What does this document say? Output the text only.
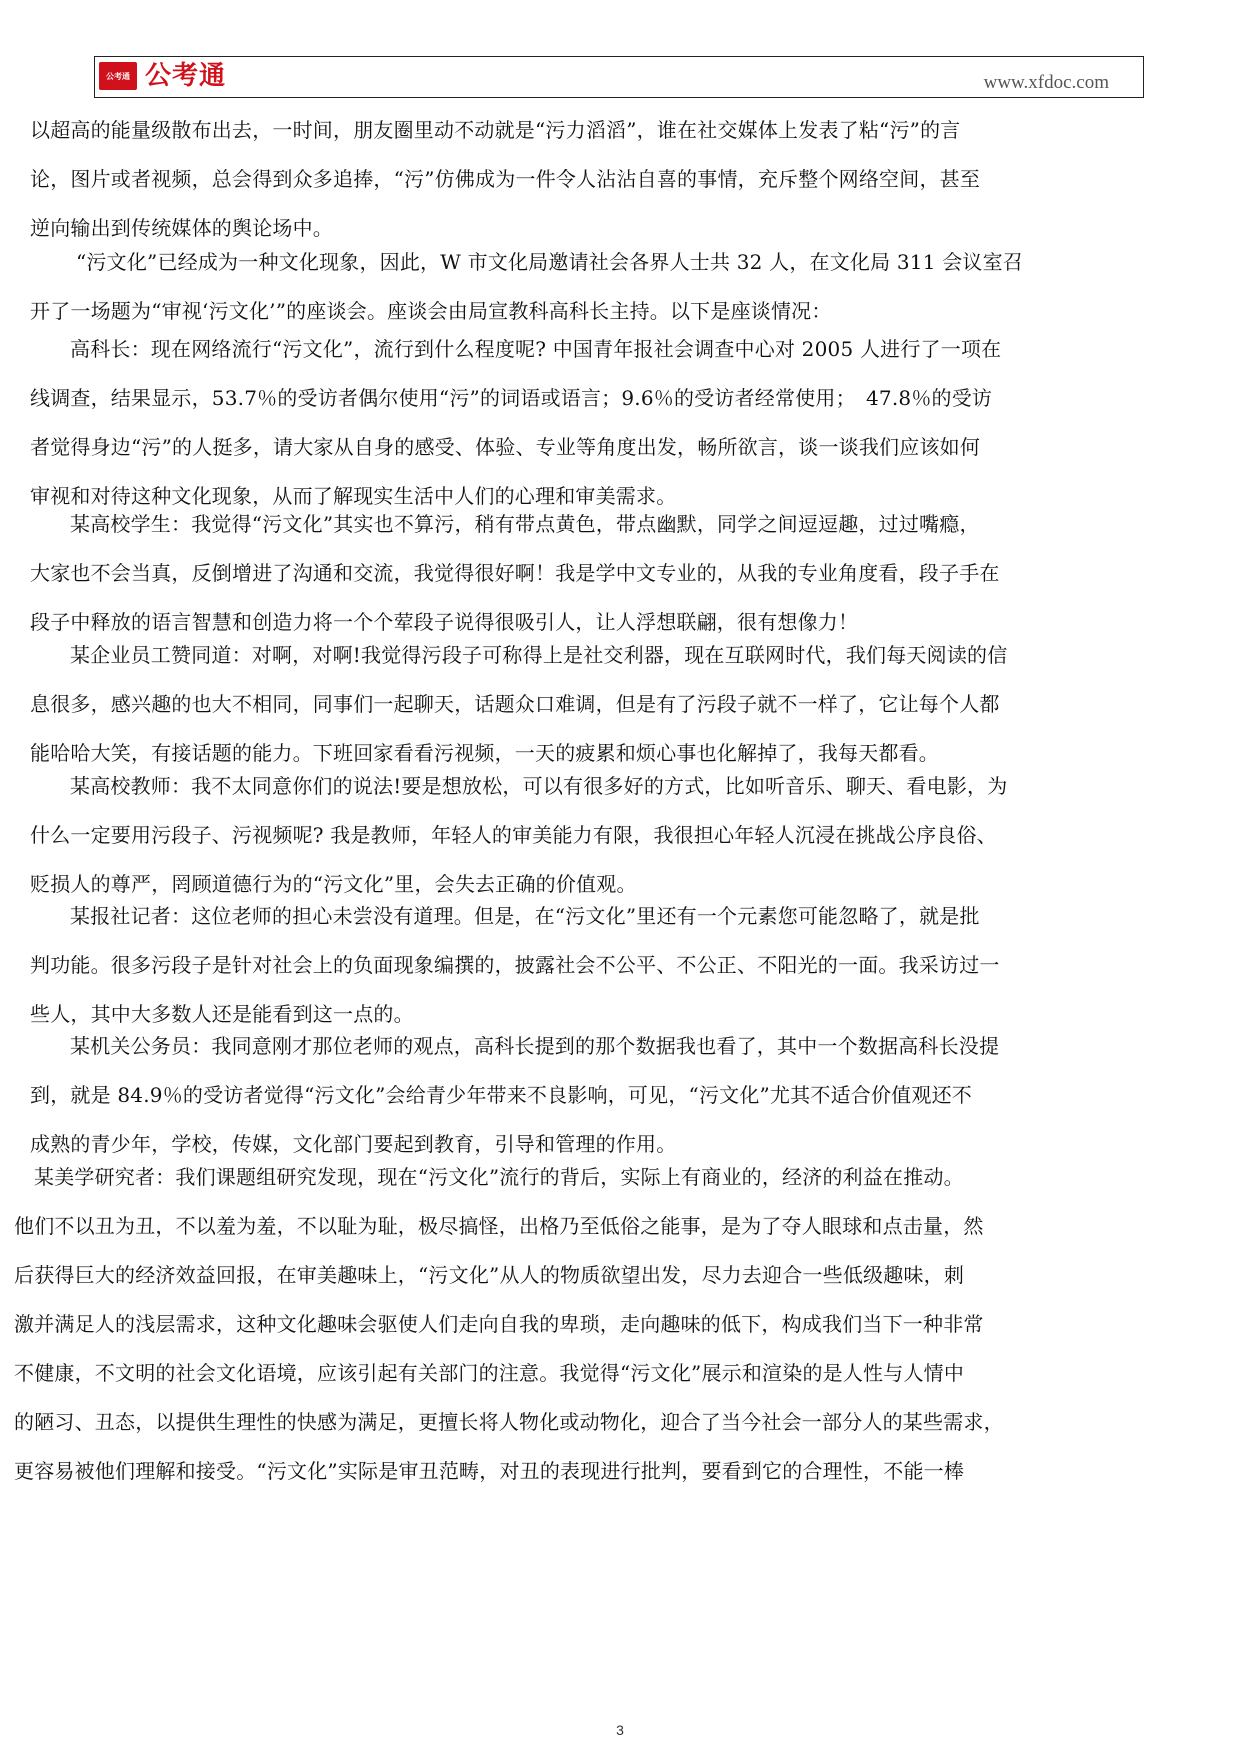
公考通 公考通	www.xfdoc.com
以超高的能量级散布出去，一时间，朋友圈里动不动就是“污力滔滔”，谁在社交媒体上发表了粘“污”的言
论，图片或者视频，总会得到众多追捧，“污”仿佛成为一件令人沾沾自喜的事情，充斥整个网络空间，甚至
逆向输出到传统媒体的舆论场中。
“污文化”已经成为一种文化现象，因此，W 市文化局邀请社会各界人士共 32 人，在文化局 311 会议室召
开了一场题为“审视‘污文化’”的座谈会。座谈会由局宣教科高科长主持。以下是座谈情况：
高科长：现在网络流行“污文化”，流行到什么程度呢? 中国青年报社会调查中心对 2005 人进行了一项在
线调查，结果显示，53.7％的受访者偶尔使用“污”的词语或语言；9.6％的受访者经常使用；　47.8％的受访
者觉得身边“污”的人挺多，请大家从自身的感受、体验、专业等角度出发，畅所欲言，谈一谈我们应该如何
审视和对待这种文化现象，从而了解现实生活中人们的心理和审美需求。
某高校学生：我觉得“污文化”其实也不算污，稍有带点黄色，带点幽默，同学之间逗逗趣，过过嘴瘾，
大家也不会当真，反倒增进了沟通和交流，我觉得很好啊！我是学中文专业的，从我的专业角度看，段子手在
段子中释放的语言智慧和创造力将一个个荤段子说得很吸引人，让人浮想联翩，很有想像力！
某企业员工赞同道：对啊，对啊!我觉得污段子可称得上是社交利器，现在互联网时代，我们每天阅读的信
息很多，感兴趣的也大不相同，同事们一起聊天，话题众口难调，但是有了污段子就不一样了，它让每个人都
能哈哈大笑，有接话题的能力。下班回家看看污视频，一天的疲累和烦心事也化解掉了，我每天都看。
某高校教师：我不太同意你们的说法!要是想放松，可以有很多好的方式，比如听音乐、聊天、看电影，为
什么一定要用污段子、污视频呢? 我是教师，年轻人的审美能力有限，我很担心年轻人沉浸在挑战公序良俗、
贬损人的尊严，罔顾道德行为的“污文化”里，会失去正确的价值观。
某报社记者：这位老师的担心未尝没有道理。但是，在“污文化”里还有一个元素您可能忽略了，就是批
判功能。很多污段子是针对社会上的负面现象编撰的，披露社会不公平、不公正、不阳光的一面。我采访过一
些人，其中大多数人还是能看到这一点的。
某机关公务员：我同意刚才那位老师的观点，高科长提到的那个数据我也看了，其中一个数据高科长没提
到，就是 84.9％的受访者觉得“污文化”会给青少年带来不良影响，可见，“污文化”尤其不适合价值观还不
成熟的青少年，学校，传媒，文化部门要起到教育，引导和管理的作用。
某美学研究者：我们课题组研究发现，现在“污文化”流行的背后，实际上有商业的，经济的利益在推动。
他们不以丑为丑，不以羞为羞，不以耻为耻，极尽搞怪，出格乃至低俗之能事，是为了夺人眼球和点击量，然
后获得巨大的经济效益回报，在审美趣味上，“污文化”从人的物质欲望出发，尽力去迎合一些低级趣味，刺
激并满足人的浅层需求，这种文化趣味会驱使人们走向自我的卑琐，走向趣味的低下，构成我们当下一种非常
不健康，不文明的社会文化语境，应该引起有关部门的注意。我觉得“污文化”展示和渲染的是人性与人情中
的陋习、丑态，以提供生理性的快感为满足，更擅长将人物化或动物化，迎合了当今社会一部分人的某些需求，
更容易被他们理解和接受。“污文化”实际是审丑范畴，对丑的表现进行批判，要看到它的合理性，不能一棒
3
